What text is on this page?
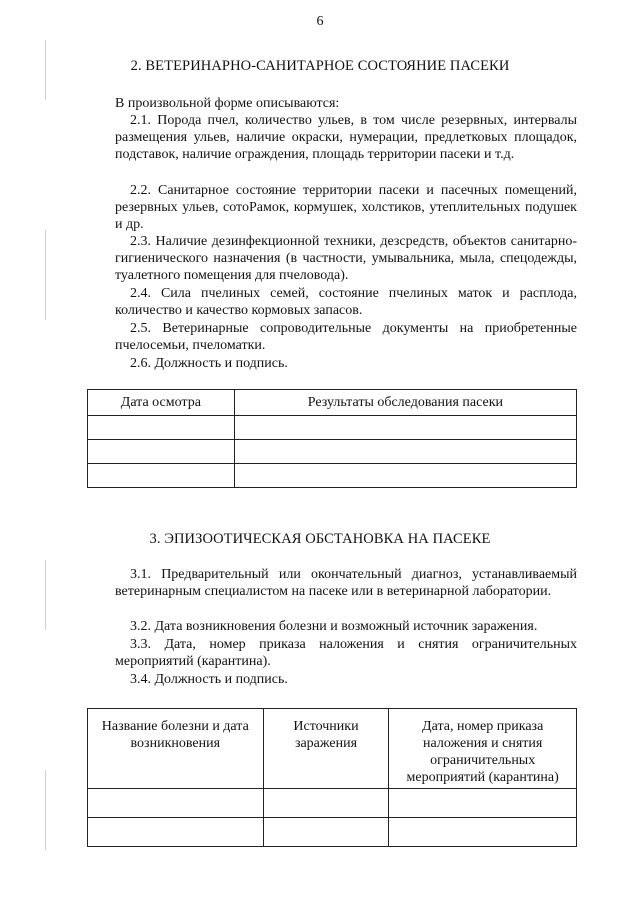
6
2. ВЕТЕРИНАРНО-САНИТАРНОЕ СОСТОЯНИЕ ПАСЕКИ
В произвольной форме описываются:
2.1. Порода пчел, количество ульев, в том числе резервных, интервалы размещения ульев, наличие окраски, нумерации, предлетковых площадок, подставок, наличие ограждения, площадь территории пасеки и т.д.
2.2. Санитарное состояние территории пасеки и пасечных помещений, резервных ульев, сотоРамок, кормушек, холстиков, утеплительных подушек и др.
2.3. Наличие дезинфекционной техники, дезсредств, объектов санитарно-гигиенического назначения (в частности, умывальника, мыла, спецодежды, туалетного помещения для пчеловода).
2.4. Сила пчелиных семей, состояние пчелиных маток и расплода, количество и качество кормовых запасов.
2.5. Ветеринарные сопроводительные документы на приобретенные пчелосемьи, пчеломатки.
2.6. Должность и подпись.
Дата осмотра	Результаты обследования пасеки

3. ЭПИЗООТИЧЕСКАЯ ОБСТАНОВКА НА ПАСЕКЕ
3.1. Предварительный или окончательный диагноз, устанавливаемый ветеринарным специалистом на пасеке или в ветеринарной лаборатории.
3.2. Дата возникновения болезни и возможный источник заражения.
3.3. Дата, номер приказа наложения и снятия ограничительных мероприятий (карантина).
3.4. Должность и подпись.
Название болезни и дата возникновения	Источники заражения	Дата, номер приказа наложения и снятия ограничительных мероприятий (карантина)
